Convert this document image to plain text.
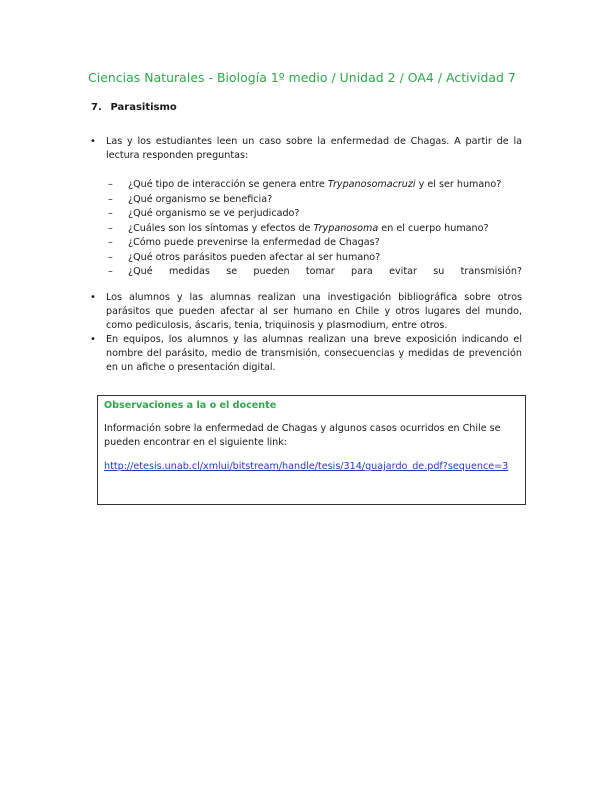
Ciencias Naturales - Biología 1º medio / Unidad 2 / OA4 / Actividad 7
7. Parasitismo
• Las y los estudiantes leen un caso sobre la enfermedad de Chagas. A partir de la lectura responden preguntas:
– ¿Qué tipo de interacción se genera entre Trypanosomacruzi y el ser humano?
– ¿Qué organismo se beneficia?
– ¿Qué organismo se ve perjudicado?
– ¿Cuáles son los síntomas y efectos de Trypanosoma en el cuerpo humano?
– ¿Cómo puede prevenirse la enfermedad de Chagas?
– ¿Qué otros parásitos pueden afectar al ser humano?
– ¿Qué medidas se pueden tomar para evitar su transmisión?
• Los alumnos y las alumnas realizan una investigación bibliográfica sobre otros parásitos que pueden afectar al ser humano en Chile y otros lugares del mundo, como pediculosis, áscaris, tenia, triquinosis y plasmodium, entre otros.
• En equipos, los alumnos y las alumnas realizan una breve exposición indicando el nombre del parásito, medio de transmisión, consecuencias y medidas de prevención en un afiche o presentación digital.
Observaciones a la o el docente
Información sobre la enfermedad de Chagas y algunos casos ocurridos en Chile se pueden encontrar en el siguiente link:
http://etesis.unab.cl/xmlui/bitstream/handle/tesis/314/guajardo_de.pdf?sequence=3
